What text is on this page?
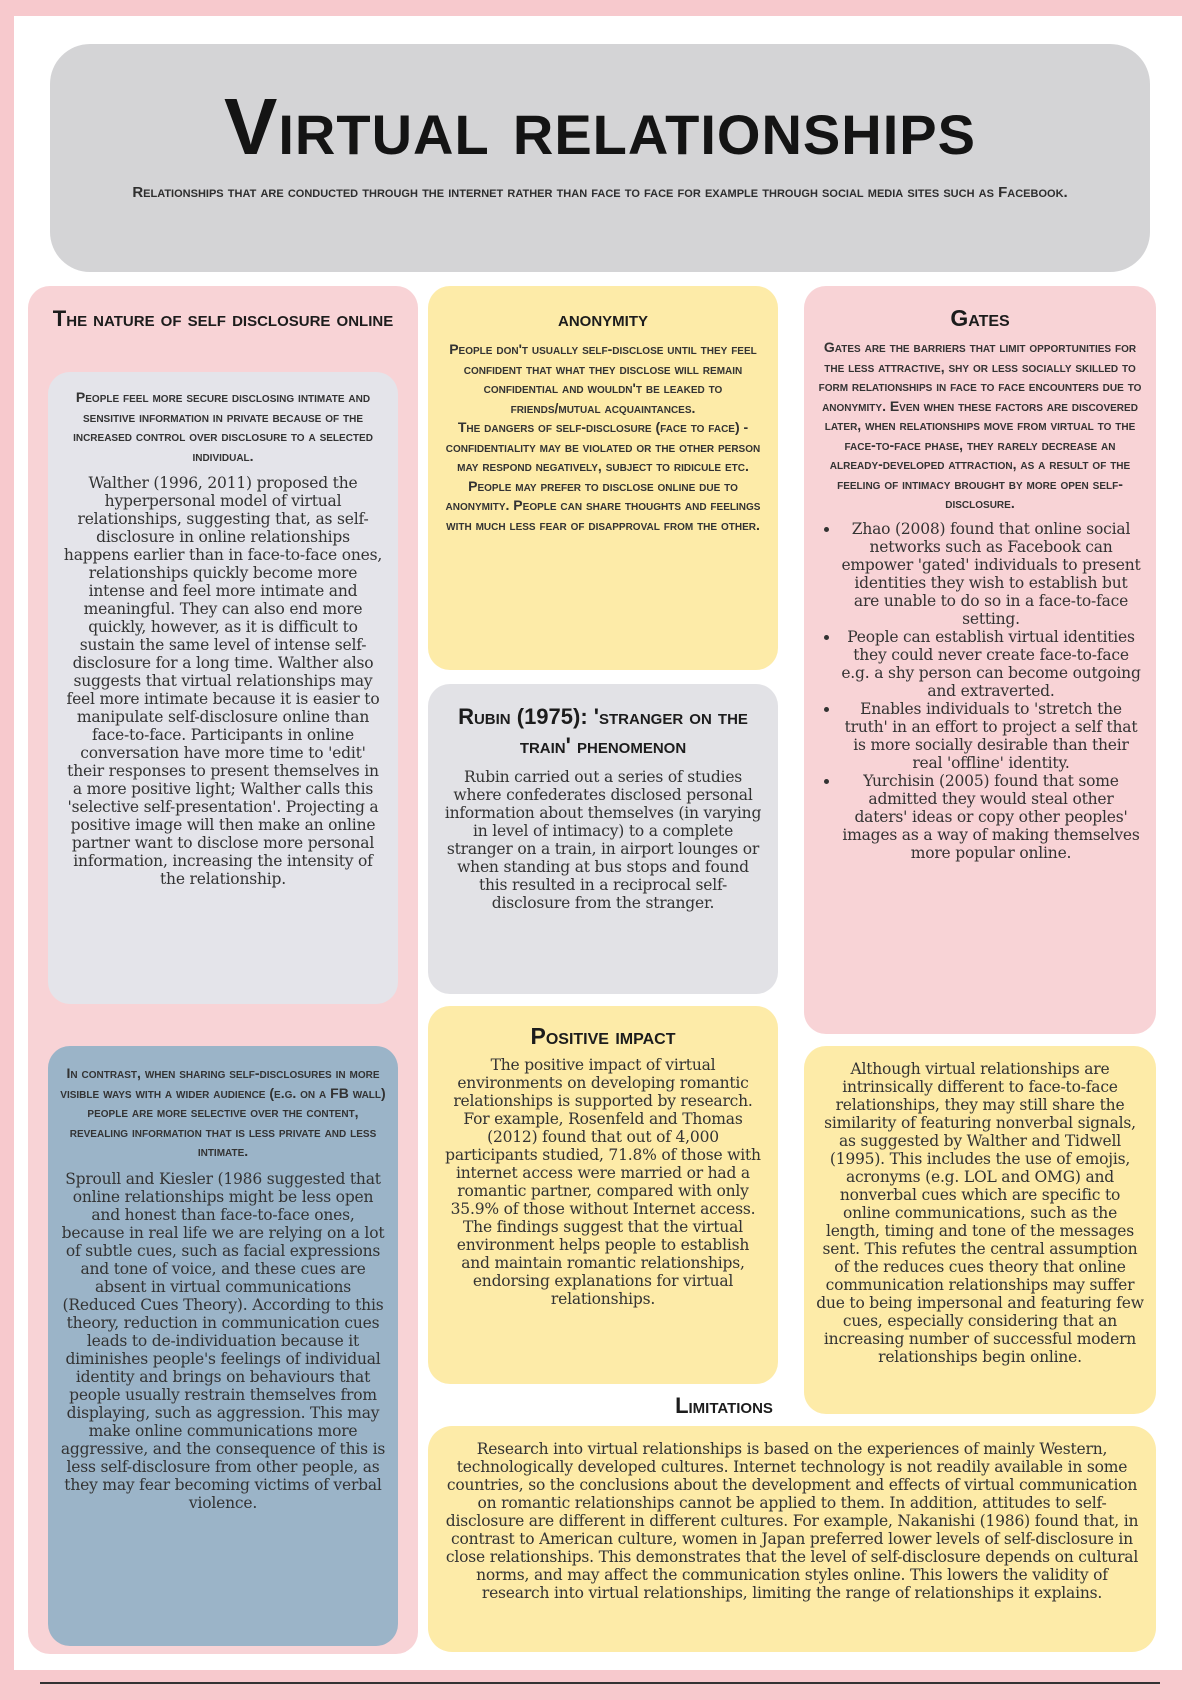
Virtual relationships
Relationships that are conducted through the internet rather than face to face for example through social media sites such as Facebook.
The nature of self disclosure online
People feel more secure disclosing intimate and sensitive information in private because of the increased control over disclosure to a selected individual.
Walther (1996, 2011) proposed the hyperpersonal model of virtual relationships, suggesting that, as self-disclosure in online relationships happens earlier than in face-to-face ones, relationships quickly become more intense and feel more intimate and meaningful. They can also end more quickly, however, as it is difficult to sustain the same level of intense self-disclosure for a long time. Walther also suggests that virtual relationships may feel more intimate because it is easier to manipulate self-disclosure online than face-to-face. Participants in online conversation have more time to 'edit' their responses to present themselves in a more positive light; Walther calls this 'selective self-presentation'. Projecting a positive image will then make an online partner want to disclose more personal information, increasing the intensity of the relationship.
In contrast, when sharing self-disclosures in more visible ways with a wider audience (e.g. on a FB wall) people are more selective over the content, revealing information that is less private and less intimate.
Sproull and Kiesler (1986 suggested that online relationships might be less open and honest than face-to-face ones, because in real life we are relying on a lot of subtle cues, such as facial expressions and tone of voice, and these cues are absent in virtual communications (Reduced Cues Theory). According to this theory, reduction in communication cues leads to de-individuation because it diminishes people's feelings of individual identity and brings on behaviours that people usually restrain themselves from displaying, such as aggression. This may make online communications more aggressive, and the consequence of this is less self-disclosure from other people, as they may fear becoming victims of verbal violence.
anonymity
People don't usually self-disclose until they feel confident that what they disclose will remain confidential and wouldn't be leaked to friends/mutual acquaintances.
The dangers of self-disclosure (face to face) - confidentiality may be violated or the other person may respond negatively, subject to ridicule etc.
People may prefer to disclose online due to anonymity. People can share thoughts and feelings with much less fear of disapproval from the other.
Rubin (1975): 'stranger on the train' phenomenon
Rubin carried out a series of studies where confederates disclosed personal information about themselves (in varying in level of intimacy) to a complete stranger on a train, in airport lounges or when standing at bus stops and found this resulted in a reciprocal self-disclosure from the stranger.
Positive impact
The positive impact of virtual environments on developing romantic relationships is supported by research. For example, Rosenfeld and Thomas (2012) found that out of 4,000 participants studied, 71.8% of those with internet access were married or had a romantic partner, compared with only 35.9% of those without Internet access. The findings suggest that the virtual environment helps people to establish and maintain romantic relationships, endorsing explanations for virtual relationships.
Gates
Gates are the barriers that limit opportunities for the less attractive, shy or less socially skilled to form relationships in face to face encounters due to anonymity. Even when these factors are discovered later, when relationships move from virtual to the face-to-face phase, they rarely decrease an already-developed attraction, as a result of the feeling of intimacy brought by more open self-disclosure.
• Zhao (2008) found that online social networks such as Facebook can empower 'gated' individuals to present identities they wish to establish but are unable to do so in a face-to-face setting.
• People can establish virtual identities they could never create face-to-face e.g. a shy person can become outgoing and extraverted.
• Enables individuals to 'stretch the truth' in an effort to project a self that is more socially desirable than their real 'offline' identity.
• Yurchisin (2005) found that some admitted they would steal other daters' ideas or copy other peoples' images as a way of making themselves more popular online.
Although virtual relationships are intrinsically different to face-to-face relationships, they may still share the similarity of featuring nonverbal signals, as suggested by Walther and Tidwell (1995). This includes the use of emojis, acronyms (e.g. LOL and OMG) and nonverbal cues which are specific to online communications, such as the length, timing and tone of the messages sent. This refutes the central assumption of the reduces cues theory that online communication relationships may suffer due to being impersonal and featuring few cues, especially considering that an increasing number of successful modern relationships begin online.
Limitations
Research into virtual relationships is based on the experiences of mainly Western, technologically developed cultures. Internet technology is not readily available in some countries, so the conclusions about the development and effects of virtual communication on romantic relationships cannot be applied to them. In addition, attitudes to self-disclosure are different in different cultures. For example, Nakanishi (1986) found that, in contrast to American culture, women in Japan preferred lower levels of self-disclosure in close relationships. This demonstrates that the level of self-disclosure depends on cultural norms, and may affect the communication styles online. This lowers the validity of research into virtual relationships, limiting the range of relationships it explains.
